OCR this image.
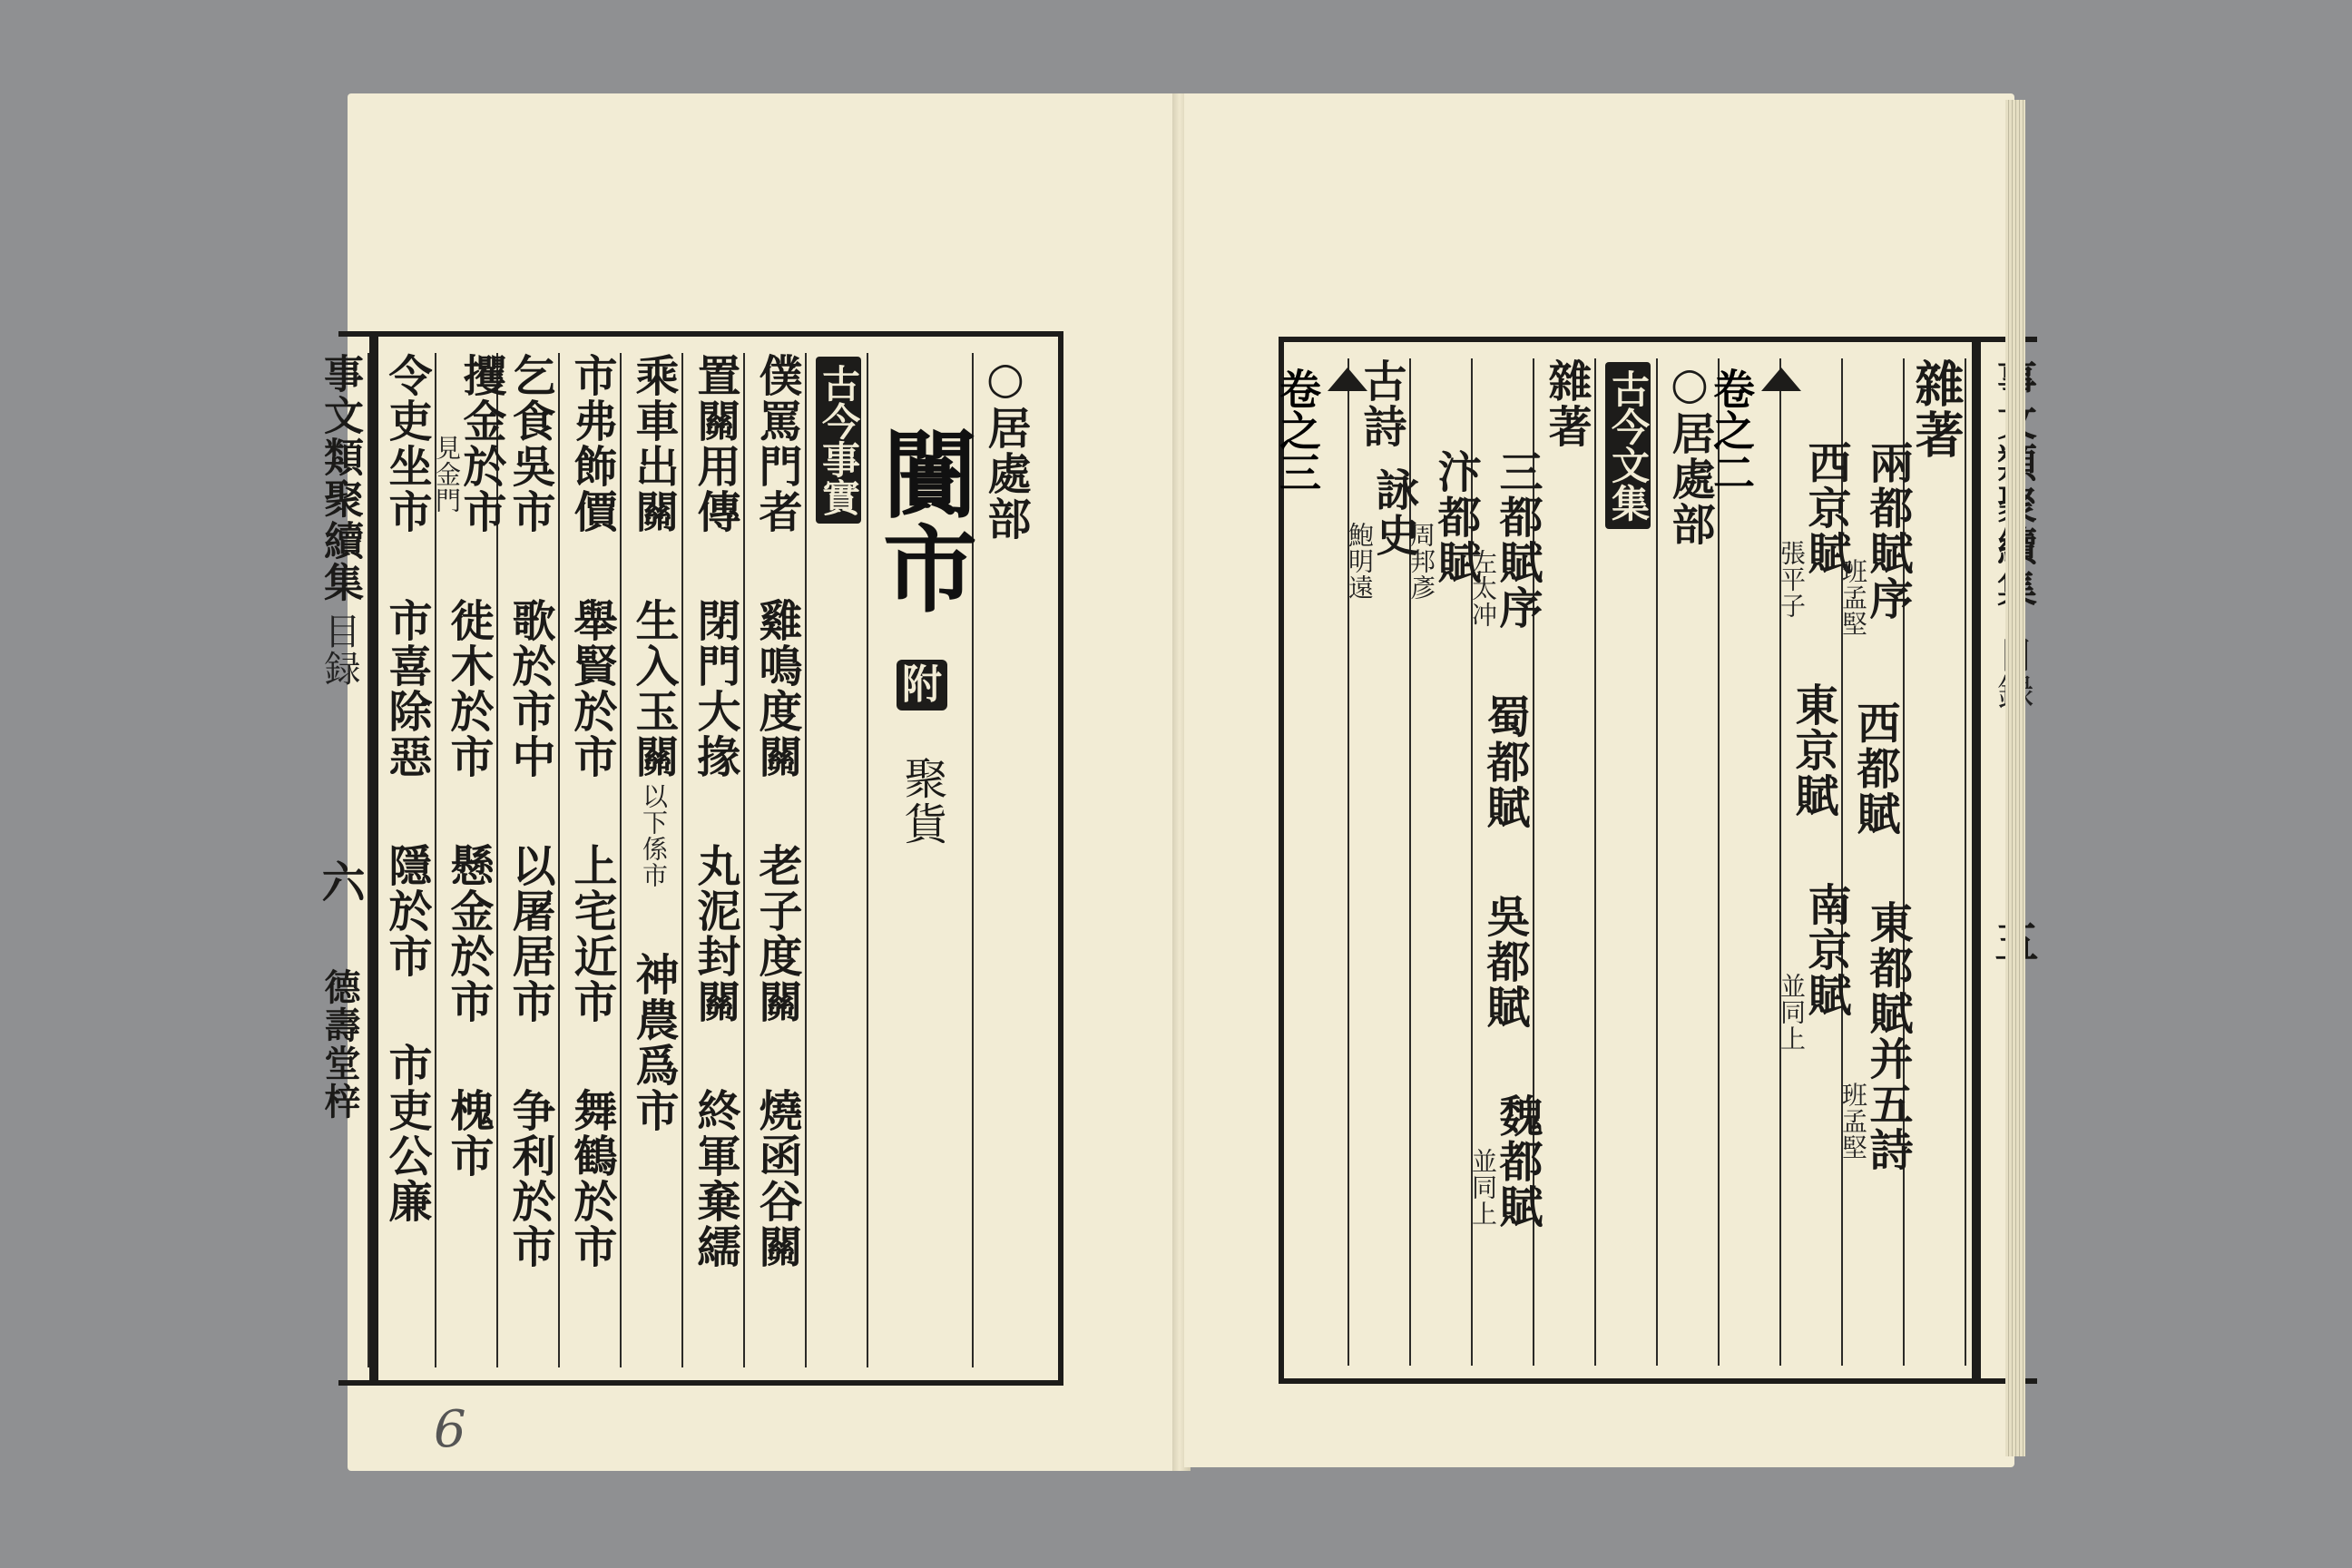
事文類聚續集
目録
六
德壽堂梓
令吏坐市
市喜除惡
隱於市
市吏公廉
攫金於市
見金門
徙木於市
懸金於市
槐市
乞食吳市
歌於市中
以屠居市
争利於市
市弗飾價
舉賢於市
上宅近市
舞鶴於市
乘車出關
生入玉關
以下係市
神農爲市
置關用傳
閉門大掾
丸泥封關
終軍棄繻
僕罵門者
雞鳴度關
老子度關
燒函谷關
古今事實 闠市
附
聚貨
○居處部
6
卷之三 古詩
詠史
鮑明遠 汴都賦
周邦彥 三都賦序
左太冲
蜀都賦
吳都賦
魏都賦
並同上
雜著 古今文集 ○居處部
卷之二
西京賦
張平子
東京賦
南京賦
並同上
兩都賦序
班孟堅
西都賦
東都賦并五詩
班孟堅
雜著
